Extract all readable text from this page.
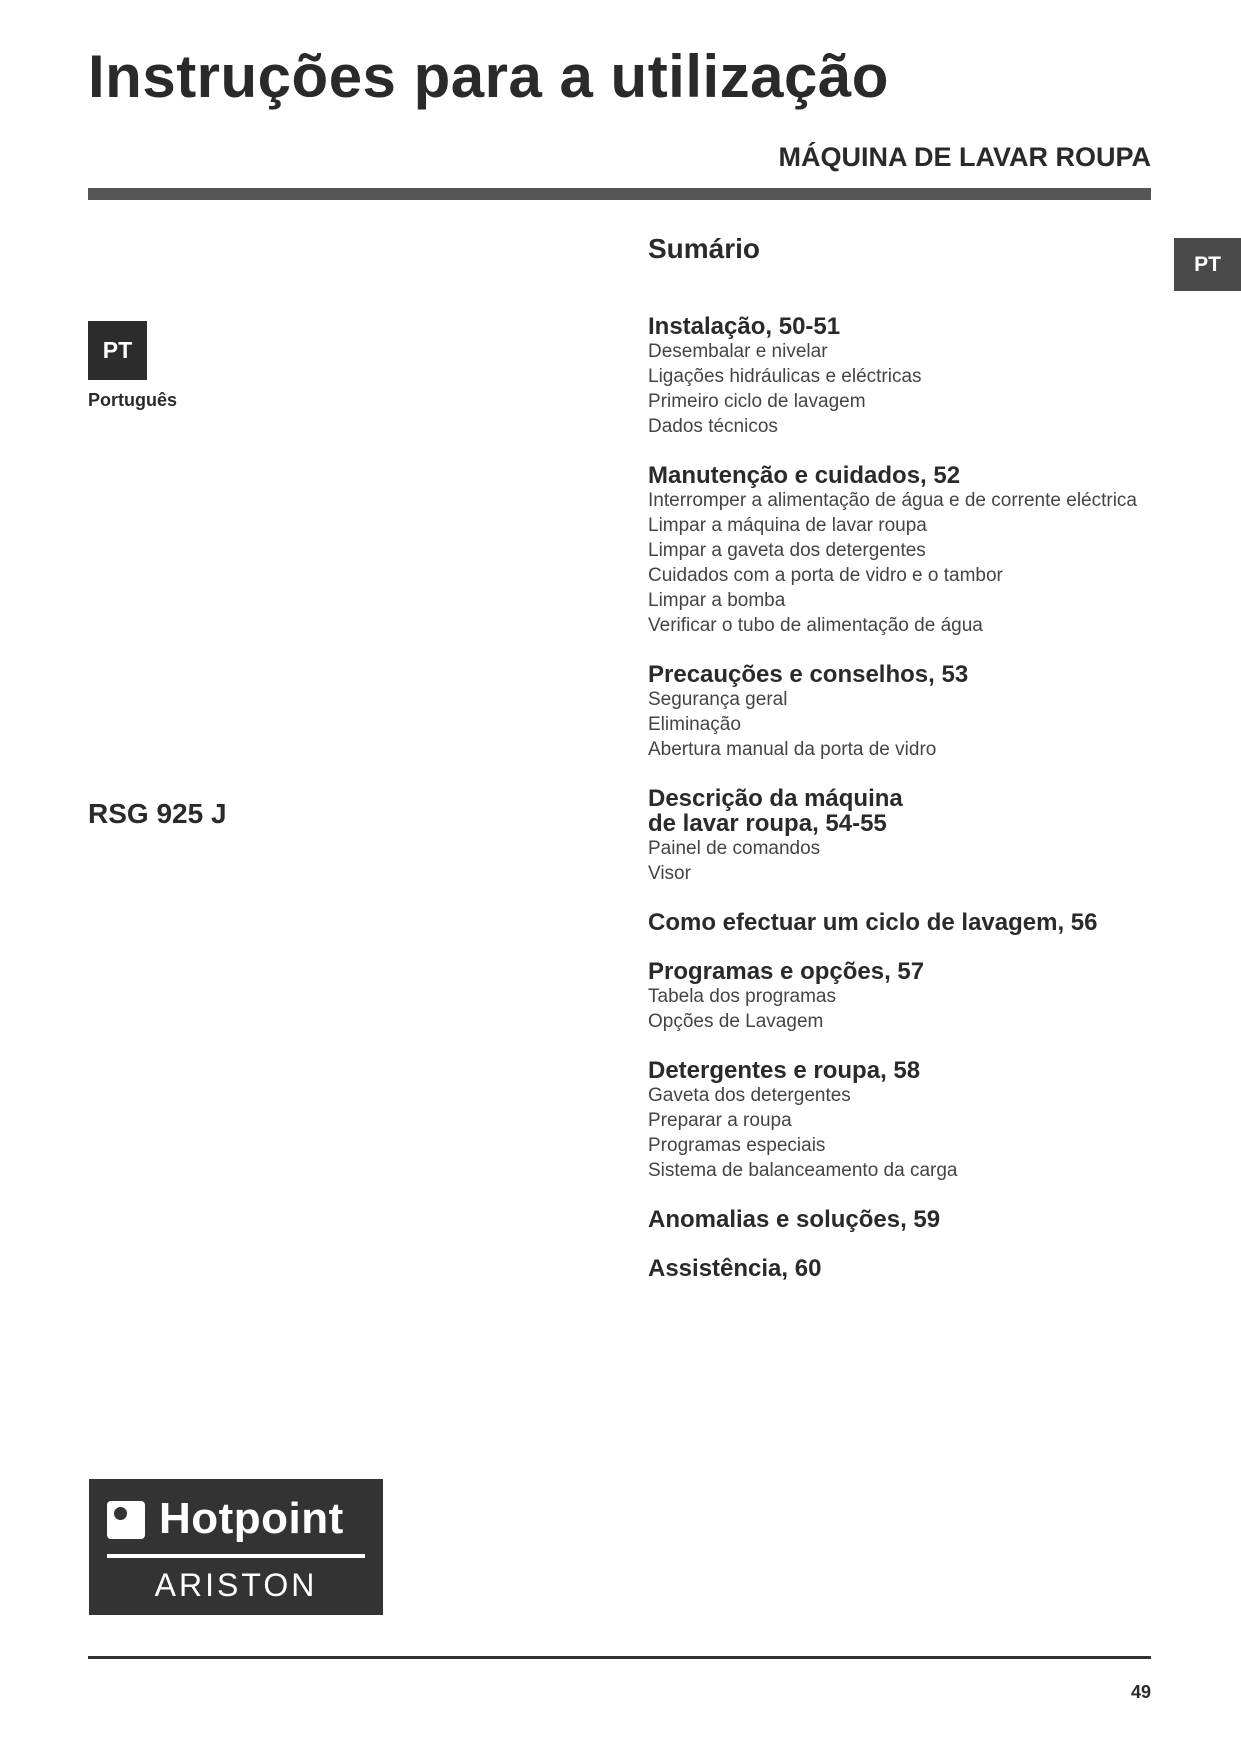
Instruções para a utilização
MÁQUINA DE LAVAR ROUPA
PT
PT
Português
RSG 925 J
Sumário
Instalação, 50-51
Desembalar e nivelar
Ligações hidráulicas e eléctricas
Primeiro ciclo de lavagem
Dados técnicos
Manutenção e cuidados, 52
Interromper a alimentação de água e de corrente eléctrica
Limpar a máquina de lavar roupa
Limpar a gaveta dos detergentes
Cuidados com a porta de vidro e o tambor
Limpar a bomba
Verificar o tubo de alimentação de água
Precauções e conselhos, 53
Segurança geral
Eliminação
Abertura manual da porta de vidro
Descrição da máquina
de lavar roupa, 54-55
Painel de comandos
Visor
Como efectuar um ciclo de lavagem, 56
Programas e opções, 57
Tabela dos programas
Opções de Lavagem
Detergentes e roupa, 58
Gaveta dos detergentes
Preparar a roupa
Programas especiais
Sistema de balanceamento da carga
Anomalias e soluções, 59
Assistência, 60
Hotpoint
ARISTON
49
